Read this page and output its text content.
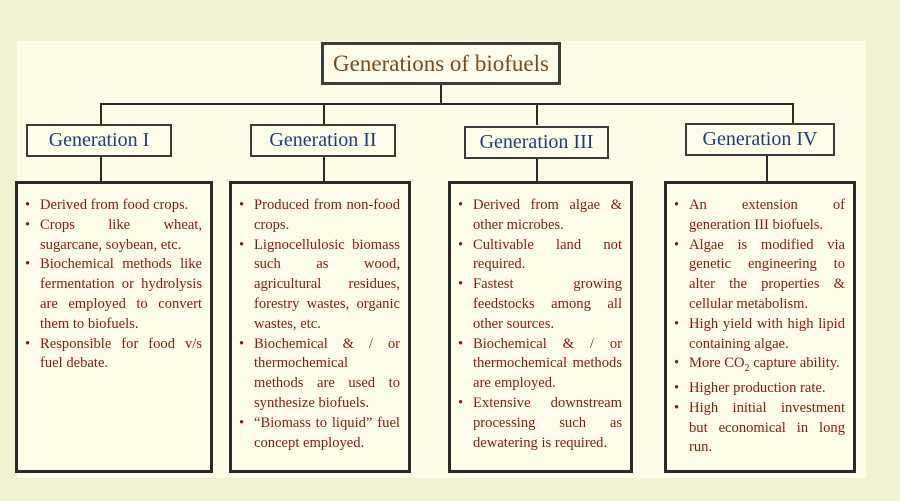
Generations of biofuels
Generation I	Generation II	Generation III	Generation IV
• Derived from food crops.
• Crops like wheat, sugarcane, soybean, etc.
• Biochemical methods like fermentation or hydrolysis are employed to convert them to biofuels.
• Responsible for food v/s fuel debate.
• Produced from non-food crops.
• Lignocellulosic biomass such as wood, agricultural residues, forestry wastes, organic wastes, etc.
• Biochemical & / or thermochemical methods are used to synthesize biofuels.
• “Biomass to liquid” fuel concept employed.
• Derived from algae & other microbes.
• Cultivable land not required.
• Fastest growing feedstocks among all other sources.
• Biochemical & / or thermochemical methods are employed.
• Extensive downstream processing such as dewatering is required.
• An extension of generation III biofuels.
• Algae is modified via genetic engineering to alter the properties & cellular metabolism.
• High yield with high lipid containing algae.
• More $CO_2$ capture ability.
• Higher production rate.
• High initial investment but economical in long run.
